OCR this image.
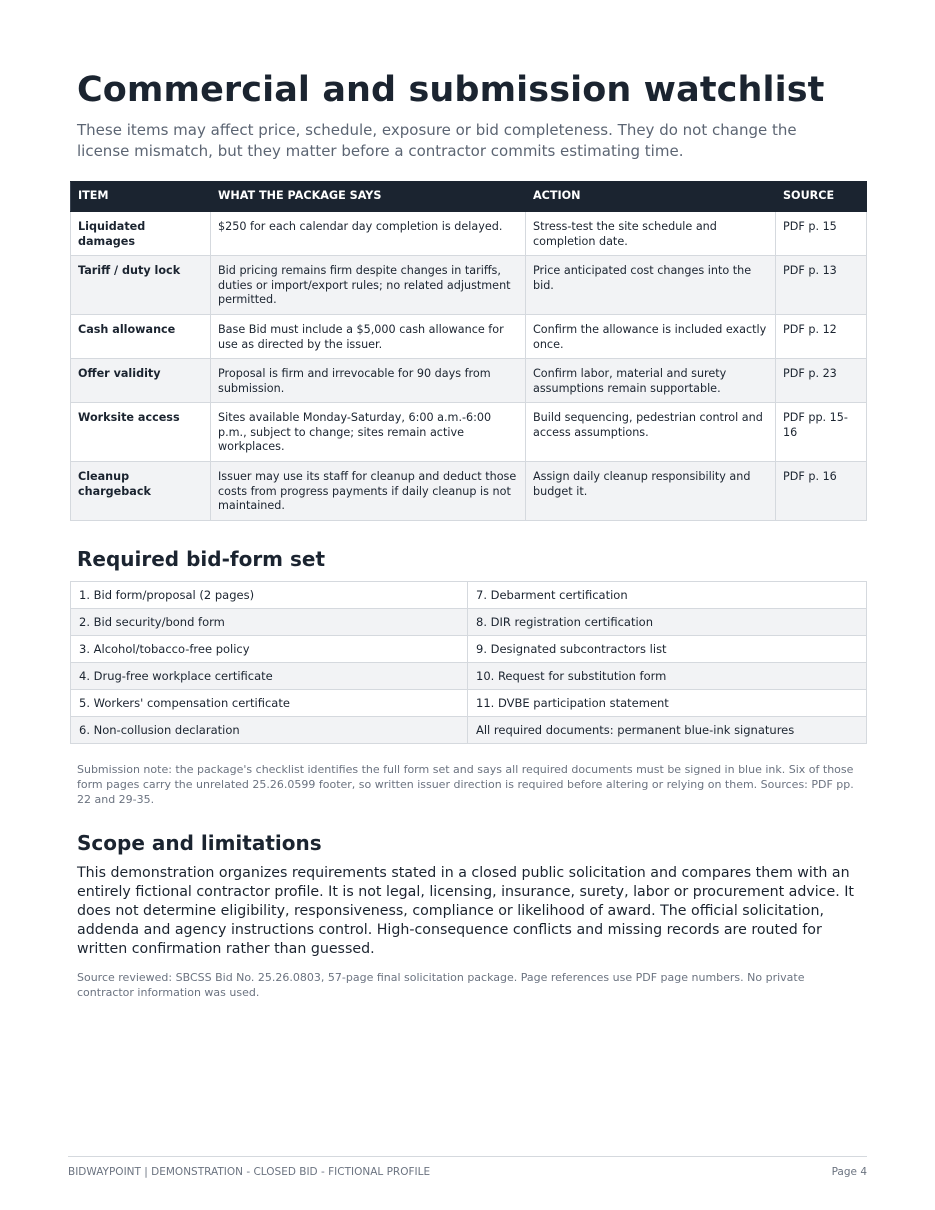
Commercial and submission watchlist

These items may affect price, schedule, exposure or bid completeness. They do not change the license mismatch, but they matter before a contractor commits estimating time.

ITEM	WHAT THE PACKAGE SAYS	ACTION	SOURCE
Liquidated damages	$250 for each calendar day completion is delayed.	Stress-test the site schedule and completion date.	PDF p. 15
Tariff / duty lock	Bid pricing remains firm despite changes in tariffs, duties or import/export rules; no related adjustment permitted.	Price anticipated cost changes into the bid.	PDF p. 13
Cash allowance	Base Bid must include a $5,000 cash allowance for use as directed by the issuer.	Confirm the allowance is included exactly once.	PDF p. 12
Offer validity	Proposal is firm and irrevocable for 90 days from submission.	Confirm labor, material and surety assumptions remain supportable.	PDF p. 23
Worksite access	Sites available Monday-Saturday, 6:00 a.m.-6:00 p.m., subject to change; sites remain active workplaces.	Build sequencing, pedestrian control and access assumptions.	PDF pp. 15-16
Cleanup chargeback	Issuer may use its staff for cleanup and deduct those costs from progress payments if daily cleanup is not maintained.	Assign daily cleanup responsibility and budget it.	PDF p. 16
Required bid-form set
1. Bid form/proposal (2 pages)	7. Debarment certification
2. Bid security/bond form	8. DIR registration certification
3. Alcohol/tobacco-free policy	9. Designated subcontractors list
4. Drug-free workplace certificate	10. Request for substitution form
5. Workers' compensation certificate	11. DVBE participation statement
6. Non-collusion declaration	All required documents: permanent blue-ink signatures

Submission note: the package's checklist identifies the full form set and says all required documents must be signed in blue ink. Six of those form pages carry the unrelated 25.26.0599 footer, so written issuer direction is required before altering or relying on them. Sources: PDF pp. 22 and 29-35.

Scope and limitations

This demonstration organizes requirements stated in a closed public solicitation and compares them with an entirely fictional contractor profile. It is not legal, licensing, insurance, surety, labor or procurement advice. It does not determine eligibility, responsiveness, compliance or likelihood of award. The official solicitation, addenda and agency instructions control. High-consequence conflicts and missing records are routed for written confirmation rather than guessed.

Source reviewed: SBCSS Bid No. 25.26.0803, 57-page final solicitation package. Page references use PDF page numbers. No private contractor information was used.

BIDWAYPOINT | DEMONSTRATION - CLOSED BID - FICTIONAL PROFILE	Page 4
